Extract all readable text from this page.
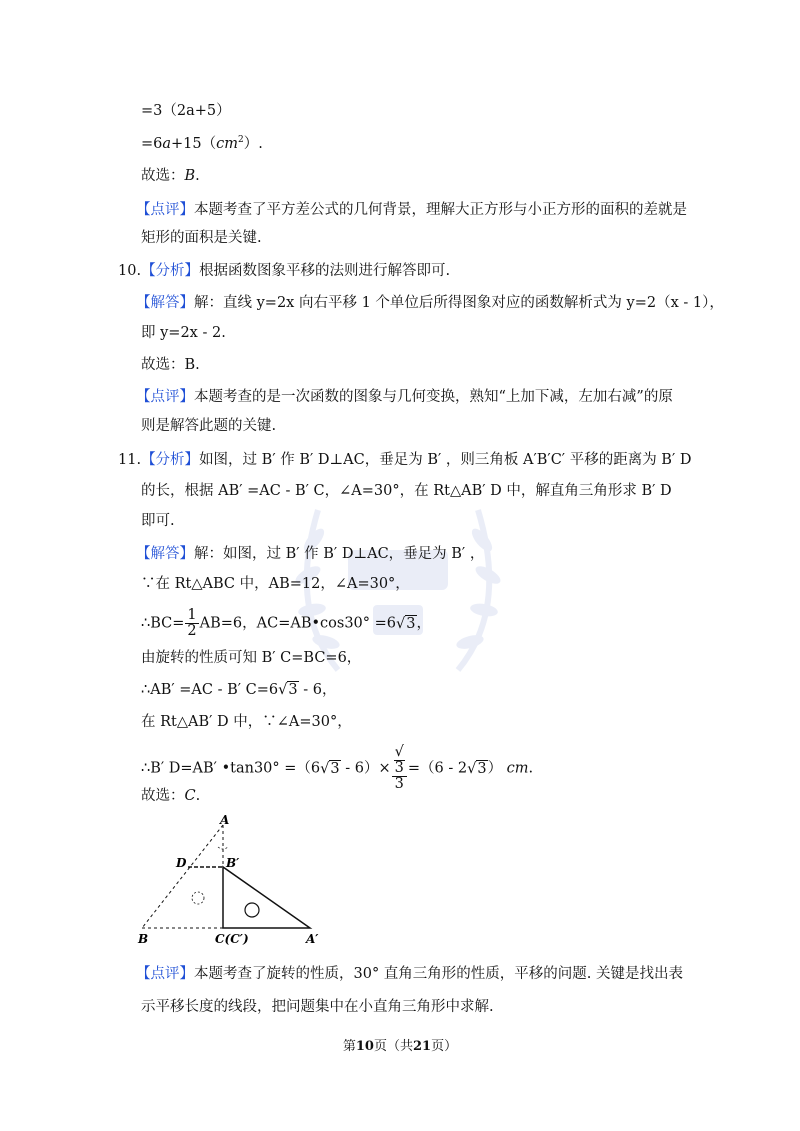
=3（2a+5）
$=6a+15(cm^2)$.
故选：B.
【点评】本题考查了平方差公式的几何背景，理解大正方形与小正方形的面积的差就是
矩形的面积是关键.
10.【分析】根据函数图象平移的法则进行解答即可.
【解答】解：直线 y=2x 向右平移 1 个单位后所得图象对应的函数解析式为 y=2（x - 1），
即 y=2x - 2.
故选：B.
【点评】本题考查的是一次函数的图象与几何变换，熟知“上加下减，左加右减”的原
则是解答此题的关键.
11.【分析】如图，过 B′ 作 B′ D⊥AC，垂足为 B′ ，则三角板 A′B′C′ 平移的距离为 B′ D
的长，根据 AB′ =AC - B′ C，∠A=30°，在 Rt△AB′ D 中，解直角三角形求 B′ D
即可.
【解答】解：如图，过 B′ 作 B′ D⊥AC，垂足为 B′ ，
∵在 Rt△ABC 中，AB=12，∠A=30°，
∴BC= $\frac{1}{2} AB=6$，AC=AB•cos30° =6√3，
由旋转的性质可知 B′ C=BC=6，
∴AB′ =AC - B′ C=6√3 - 6，
在 Rt△AB′ D 中，∵∠A=30°，
∴B′ D=AB′ •tan30° =（6√3 - 6）× √
3
3 =（6 - 2√3） cm.
故选：C.
A
D	B′
B	C(C′)	A′
【点评】本题考查了旋转的性质，30° 直角三角形的性质，平移的问题. 关键是找出表
示平移长度的线段，把问题集中在小直角三角形中求解.
第10页（共21页）
